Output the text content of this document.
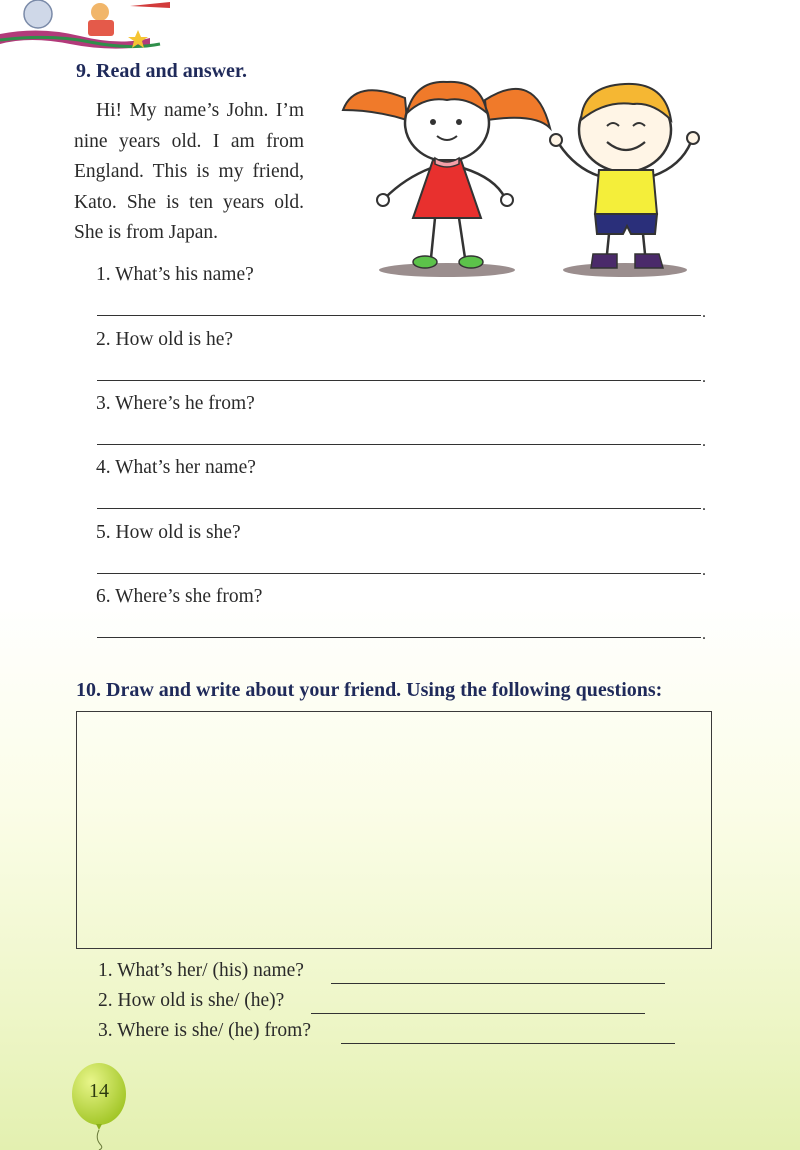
9. Read and answer.

Hi! My name’s John. I’m nine years old. I am from England. This is my friend, Kato. She is ten years old. She is from Japan.

1. What’s his name?
.
2. How old is he?
.
3. Where’s he from?
.
4. What’s her name?
.
5. How old is she?
.
6. Where’s she from?
.
10. Draw and write about your friend. Using the following questions:
1. What’s her/ (his) name?
2. How old is she/ (he)?
3. Where is she/ (he) from?
14
